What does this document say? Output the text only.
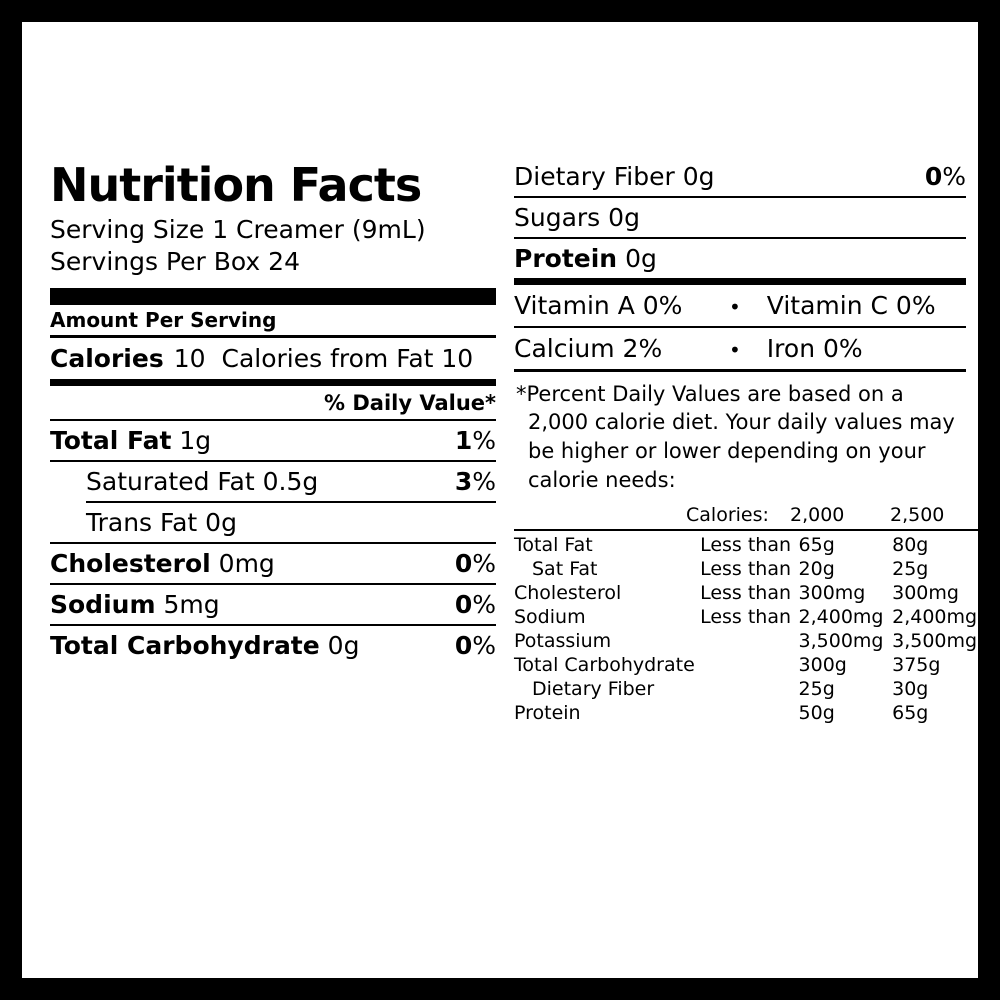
Nutrition Facts
Serving Size 1 Creamer (9mL)
Servings Per Box 24
Amount Per Serving
Calories 10 Calories from Fat 10
% Daily Value*
Total Fat 1g	1%
Saturated Fat 0.5g	3%
Trans Fat 0g
Cholesterol 0mg	0%
Sodium 5mg	0%
Total Carbohydrate 0g	0%
Dietary Fiber 0g	0%
Sugars 0g
Protein 0g
Vitamin A 0%	•	Vitamin C 0%
Calcium 2%	•	Iron 0%
*Percent Daily Values are based on a
2,000 calorie diet. Your daily values may
be higher or lower depending on your
calorie needs:
	Calories:	2,000	2,500
Total Fat	Less than	65g	80g
Sat Fat	Less than	20g	25g
Cholesterol	Less than	300mg	300mg
Sodium	Less than	2,400mg	2,400mg
Potassium		3,500mg	3,500mg
Total Carbohydrate		300g	375g
Dietary Fiber		25g	30g
Protein		50g	65g
